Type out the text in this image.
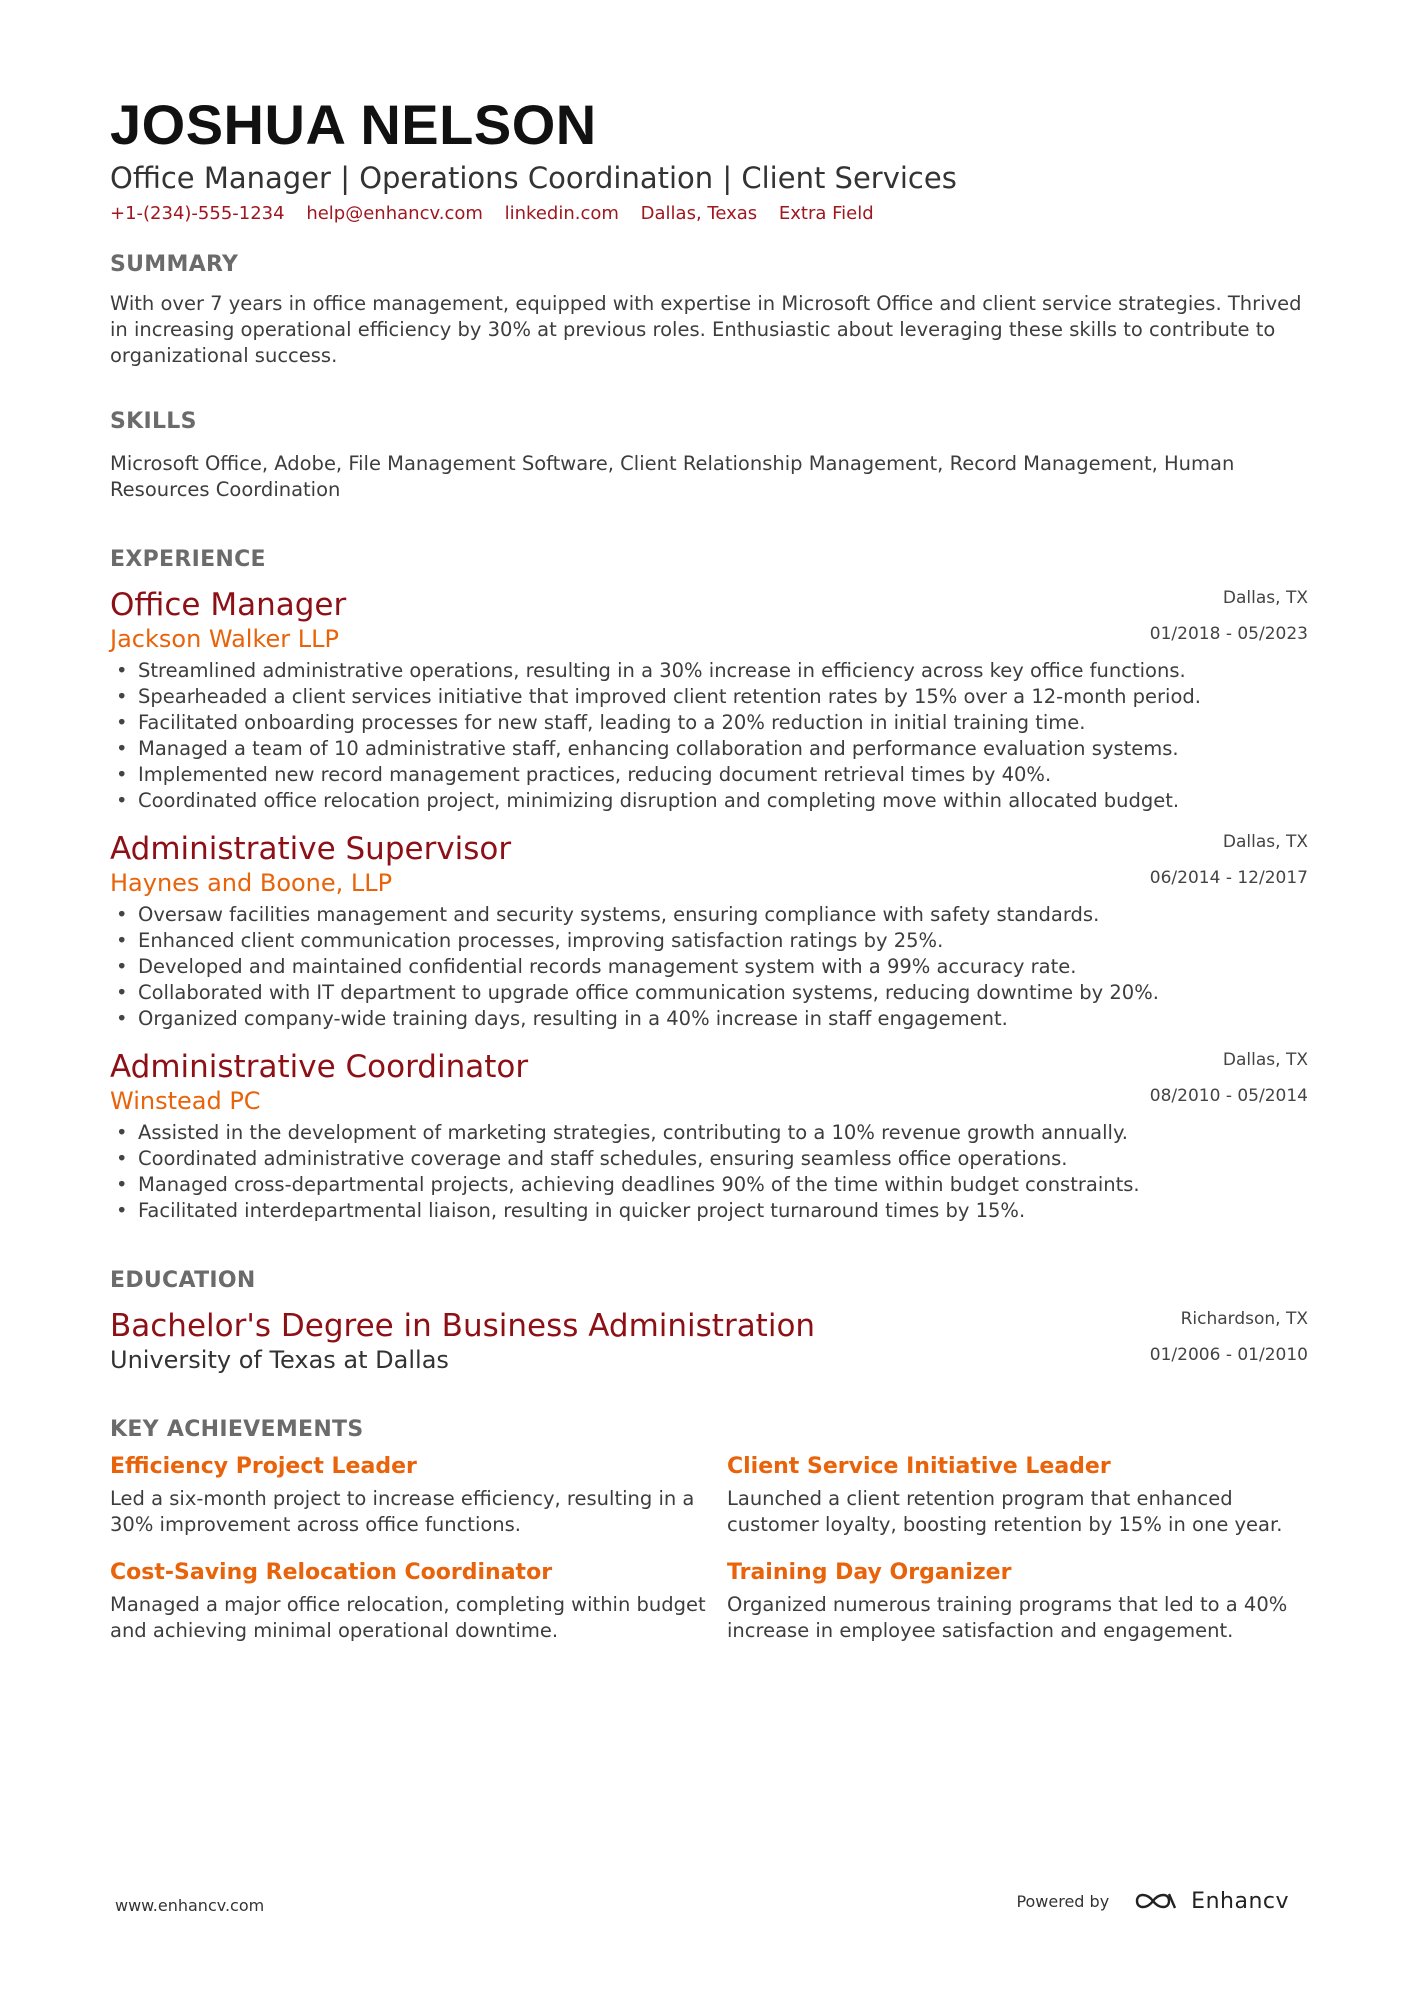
JOSHUA NELSON
Office Manager | Operations Coordination | Client Services
+1-(234)-555-1234 help@enhancv.com linkedin.com Dallas, Texas Extra Field
SUMMARY
With over 7 years in office management, equipped with expertise in Microsoft Office and client service strategies. Thrived in increasing operational efficiency by 30% at previous roles. Enthusiastic about leveraging these skills to contribute to organizational success.
SKILLS
Microsoft Office, Adobe, File Management Software, Client Relationship Management, Record Management, Human Resources Coordination
EXPERIENCE
Office Manager
Jackson Walker LLP
Dallas, TX
01/2018 - 05/2023
• Streamlined administrative operations, resulting in a 30% increase in efficiency across key office functions.
• Spearheaded a client services initiative that improved client retention rates by 15% over a 12-month period.
• Facilitated onboarding processes for new staff, leading to a 20% reduction in initial training time.
• Managed a team of 10 administrative staff, enhancing collaboration and performance evaluation systems.
• Implemented new record management practices, reducing document retrieval times by 40%.
• Coordinated office relocation project, minimizing disruption and completing move within allocated budget.
Administrative Supervisor
Haynes and Boone, LLP
Dallas, TX
06/2014 - 12/2017
• Oversaw facilities management and security systems, ensuring compliance with safety standards.
• Enhanced client communication processes, improving satisfaction ratings by 25%.
• Developed and maintained confidential records management system with a 99% accuracy rate.
• Collaborated with IT department to upgrade office communication systems, reducing downtime by 20%.
• Organized company-wide training days, resulting in a 40% increase in staff engagement.
Administrative Coordinator
Winstead PC
Dallas, TX
08/2010 - 05/2014
• Assisted in the development of marketing strategies, contributing to a 10% revenue growth annually.
• Coordinated administrative coverage and staff schedules, ensuring seamless office operations.
• Managed cross-departmental projects, achieving deadlines 90% of the time within budget constraints.
• Facilitated interdepartmental liaison, resulting in quicker project turnaround times by 15%.
EDUCATION
Bachelor's Degree in Business Administration
University of Texas at Dallas
Richardson, TX
01/2006 - 01/2010
KEY ACHIEVEMENTS
Efficiency Project Leader
Led a six-month project to increase efficiency, resulting in a 30% improvement across office functions.
Client Service Initiative Leader
Launched a client retention program that enhanced customer loyalty, boosting retention by 15% in one year.
Cost-Saving Relocation Coordinator
Managed a major office relocation, completing within budget and achieving minimal operational downtime.
Training Day Organizer
Organized numerous training programs that led to a 40% increase in employee satisfaction and engagement.
www.enhancv.com	Powered by	Enhancv
